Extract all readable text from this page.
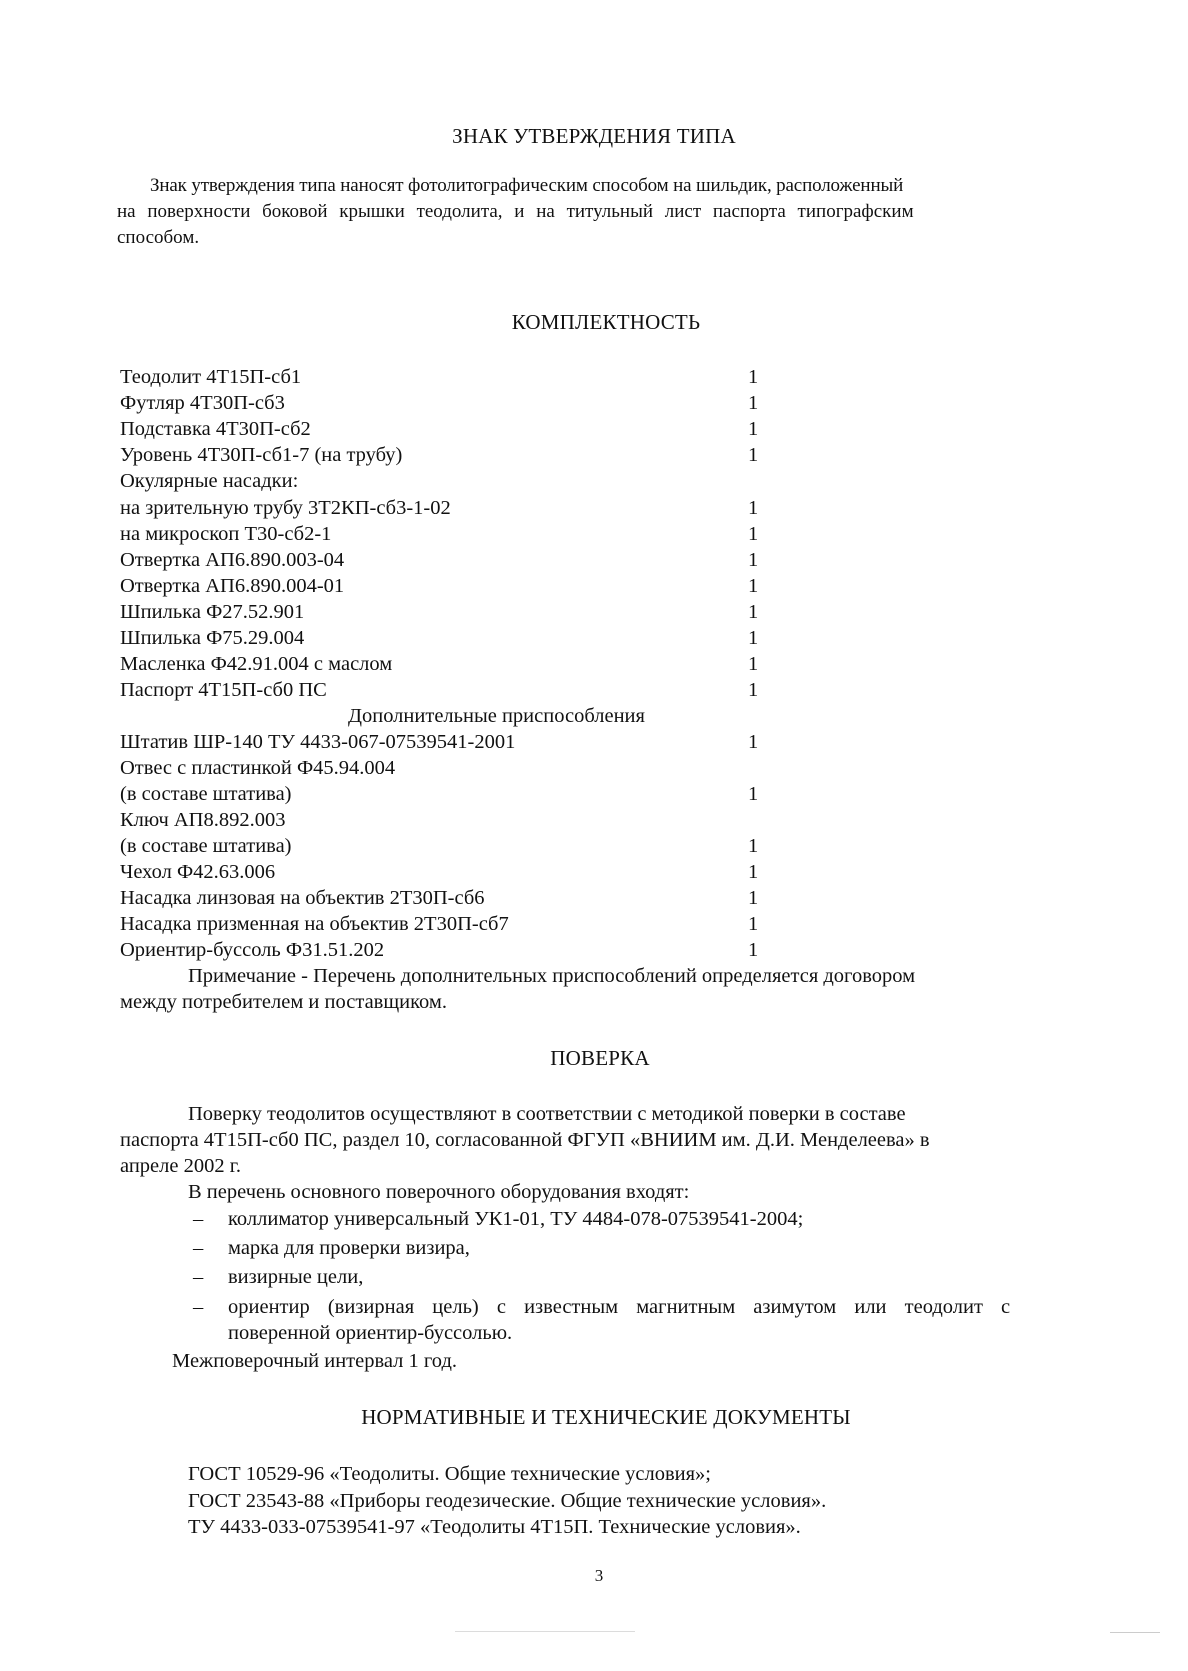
ЗНАК УТВЕРЖДЕНИЯ ТИПА
Знак утверждения типа наносят фотолитографическим способом на шильдик, расположенный
на поверхности боковой крышки теодолита, и на титульный лист паспорта типографским
способом.
КОМПЛЕКТНОСТЬ
Теодолит 4Т15П-сб1	1
Футляр 4Т30П-сб3	1
Подставка 4Т30П-сб2	1
Уровень 4Т30П-сб1-7 (на трубу)	1
Окулярные насадки:
на зрительную трубу 3Т2КП-сб3-1-02	1
на микроскоп Т30-сб2-1	1
Отвертка АП6.890.003-04	1
Отвертка АП6.890.004-01	1
Шпилька Ф27.52.901	1
Шпилька Ф75.29.004	1
Масленка Ф42.91.004 с маслом	1
Паспорт 4Т15П-сб0 ПС	1
Дополнительные приспособления
Штатив ШР-140 ТУ 4433-067-07539541-2001	1
Отвес с пластинкой Ф45.94.004
(в составе штатива)	1
Ключ АП8.892.003
(в составе штатива)	1
Чехол Ф42.63.006	1
Насадка линзовая на объектив 2Т30П-сб6	1
Насадка призменная на объектив 2Т30П-сб7	1
Ориентир-буссоль Ф31.51.202	1
Примечание - Перечень дополнительных приспособлений определяется договором
между потребителем и поставщиком.
ПОВЕРКА
Поверку теодолитов осуществляют в соответствии с методикой поверки в составе
паспорта 4Т15П-сб0 ПС, раздел 10, согласованной ФГУП «ВНИИМ им. Д.И. Менделеева» в
апреле 2002 г.
В перечень основного поверочного оборудования входят:
– коллиматор универсальный УК1-01, ТУ 4484-078-07539541-2004;
– марка для проверки визира,
– визирные цели,
– ориентир (визирная цель) с известным магнитным азимутом или теодолит с
поверенной ориентир-буссолью.
Межповерочный интервал 1 год.
НОРМАТИВНЫЕ И ТЕХНИЧЕСКИЕ ДОКУМЕНТЫ
ГОСТ 10529-96 «Теодолиты. Общие технические условия»;
ГОСТ 23543-88 «Приборы геодезические. Общие технические условия».
ТУ 4433-033-07539541-97 «Теодолиты 4Т15П. Технические условия».
3
